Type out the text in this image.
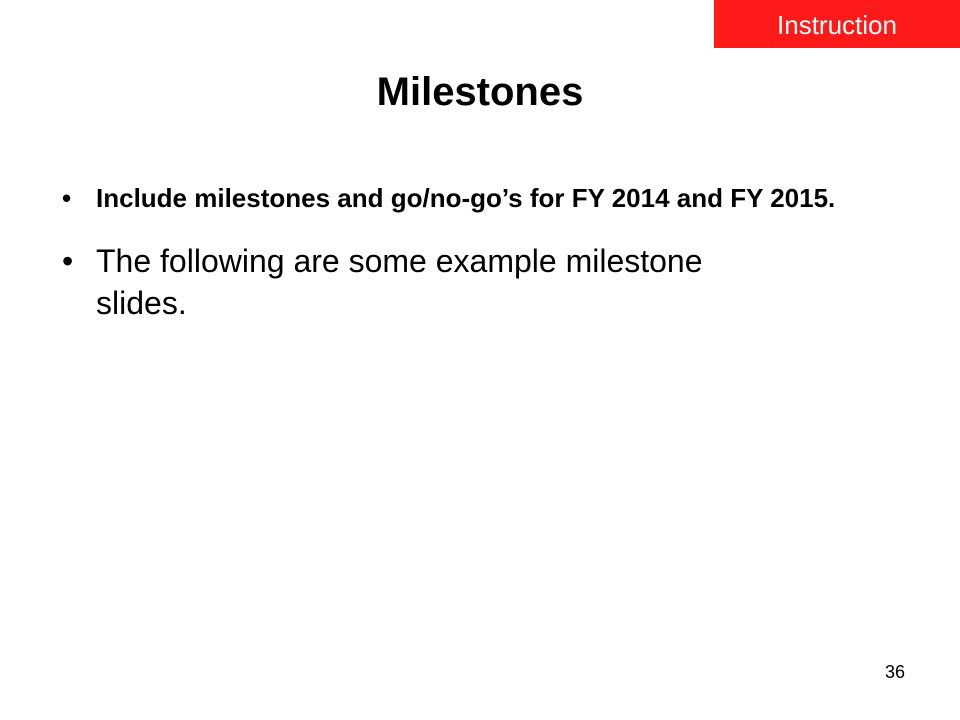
Instruction
Milestones
• Include milestones and go/no-go’s for FY 2014 and FY 2015.
• The following are some example milestone slides.
36
